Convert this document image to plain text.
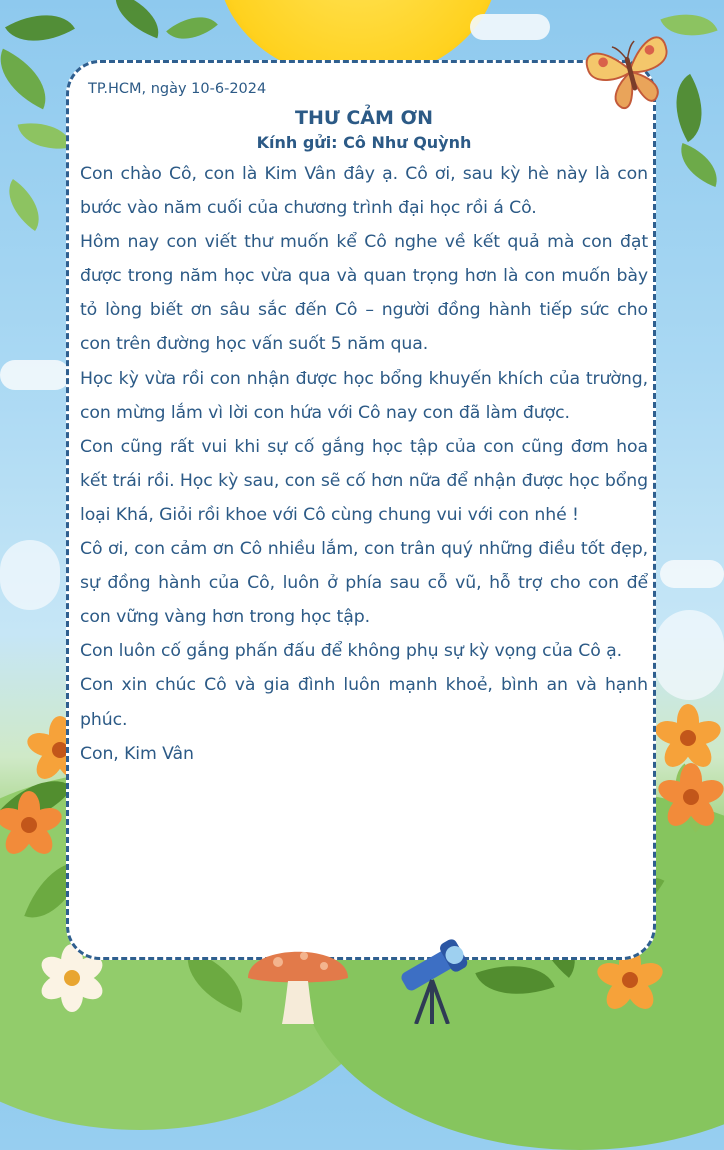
TP.HCM, ngày 10-6-2024
THƯ CẢM ƠN
Kính gửi: Cô Như Quỳnh

Con chào Cô, con là Kim Vân đây ạ. Cô ơi, sau kỳ hè này là con bước vào năm cuối của chương trình đại học rồi á Cô.

Hôm nay con viết thư muốn kể Cô nghe về kết quả mà con đạt được trong năm học vừa qua và quan trọng hơn là con muốn bày tỏ lòng biết ơn sâu sắc đến Cô – người đồng hành tiếp sức cho con trên đường học vấn suốt 5 năm qua.

Học kỳ vừa rồi con nhận được học bổng khuyến khích của trường, con mừng lắm vì lời con hứa với Cô nay con đã làm được.

Con cũng rất vui khi sự cố gắng học tập của con cũng đơm hoa kết trái rồi. Học kỳ sau, con sẽ cố hơn nữa để nhận được học bổng loại Khá, Giỏi rồi khoe với Cô cùng chung vui với con nhé !

Cô ơi, con cảm ơn Cô nhiều lắm, con trân quý những điều tốt đẹp, sự đồng hành của Cô, luôn ở phía sau cỗ vũ, hỗ trợ cho con để con vững vàng hơn trong học tập.

Con luôn cố gắng phấn đấu để không phụ sự kỳ vọng của Cô ạ.

Con xin chúc Cô và gia đình luôn mạnh khoẻ, bình an và hạnh phúc.

Con, Kim Vân
